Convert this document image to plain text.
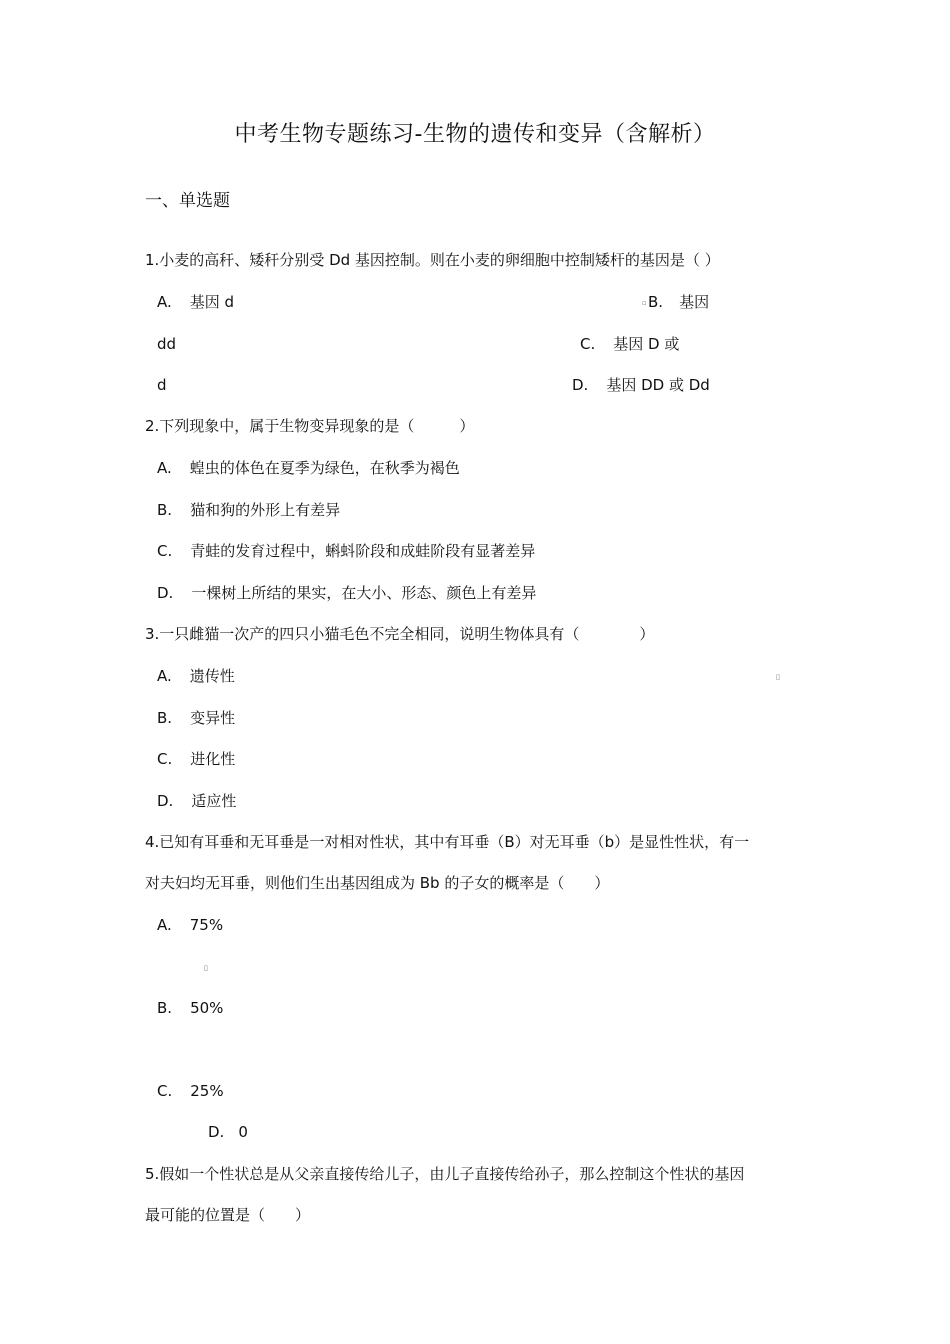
中考生物专题练习-生物的遗传和变异（含解析）
一、单选题
1.小麦的高秆、矮秆分别受 Dd 基因控制。则在小麦的卵细胞中控制矮杆的基因是（ ）
A. 基因 d	▫ B. 基因
dd	C. 基因 D 或
d	D. 基因 DD 或 Dd
2.下列现象中，属于生物变异现象的是（　　　）
A. 蝗虫的体色在夏季为绿色，在秋季为褐色
B. 猫和狗的外形上有差异
C. 青蛙的发育过程中，蝌蚪阶段和成蛙阶段有显著差异
D. 一棵树上所结的果实，在大小、形态、颜色上有差异
3.一只雌猫一次产的四只小猫毛色不完全相同，说明生物体具有（　　　　）
A. 遗传性	▯
B. 变异性
C. 进化性
D. 适应性
4.已知有耳垂和无耳垂是一对相对性状，其中有耳垂（B）对无耳垂（b）是显性性状，有一
对夫妇均无耳垂，则他们生出基因组成为 Bb 的子女的概率是（　　）
A. 75%
▯
B. 50%
C. 25%
D. 0
5.假如一个性状总是从父亲直接传给儿子，由儿子直接传给孙子，那么控制这个性状的基因
最可能的位置是（　　）
